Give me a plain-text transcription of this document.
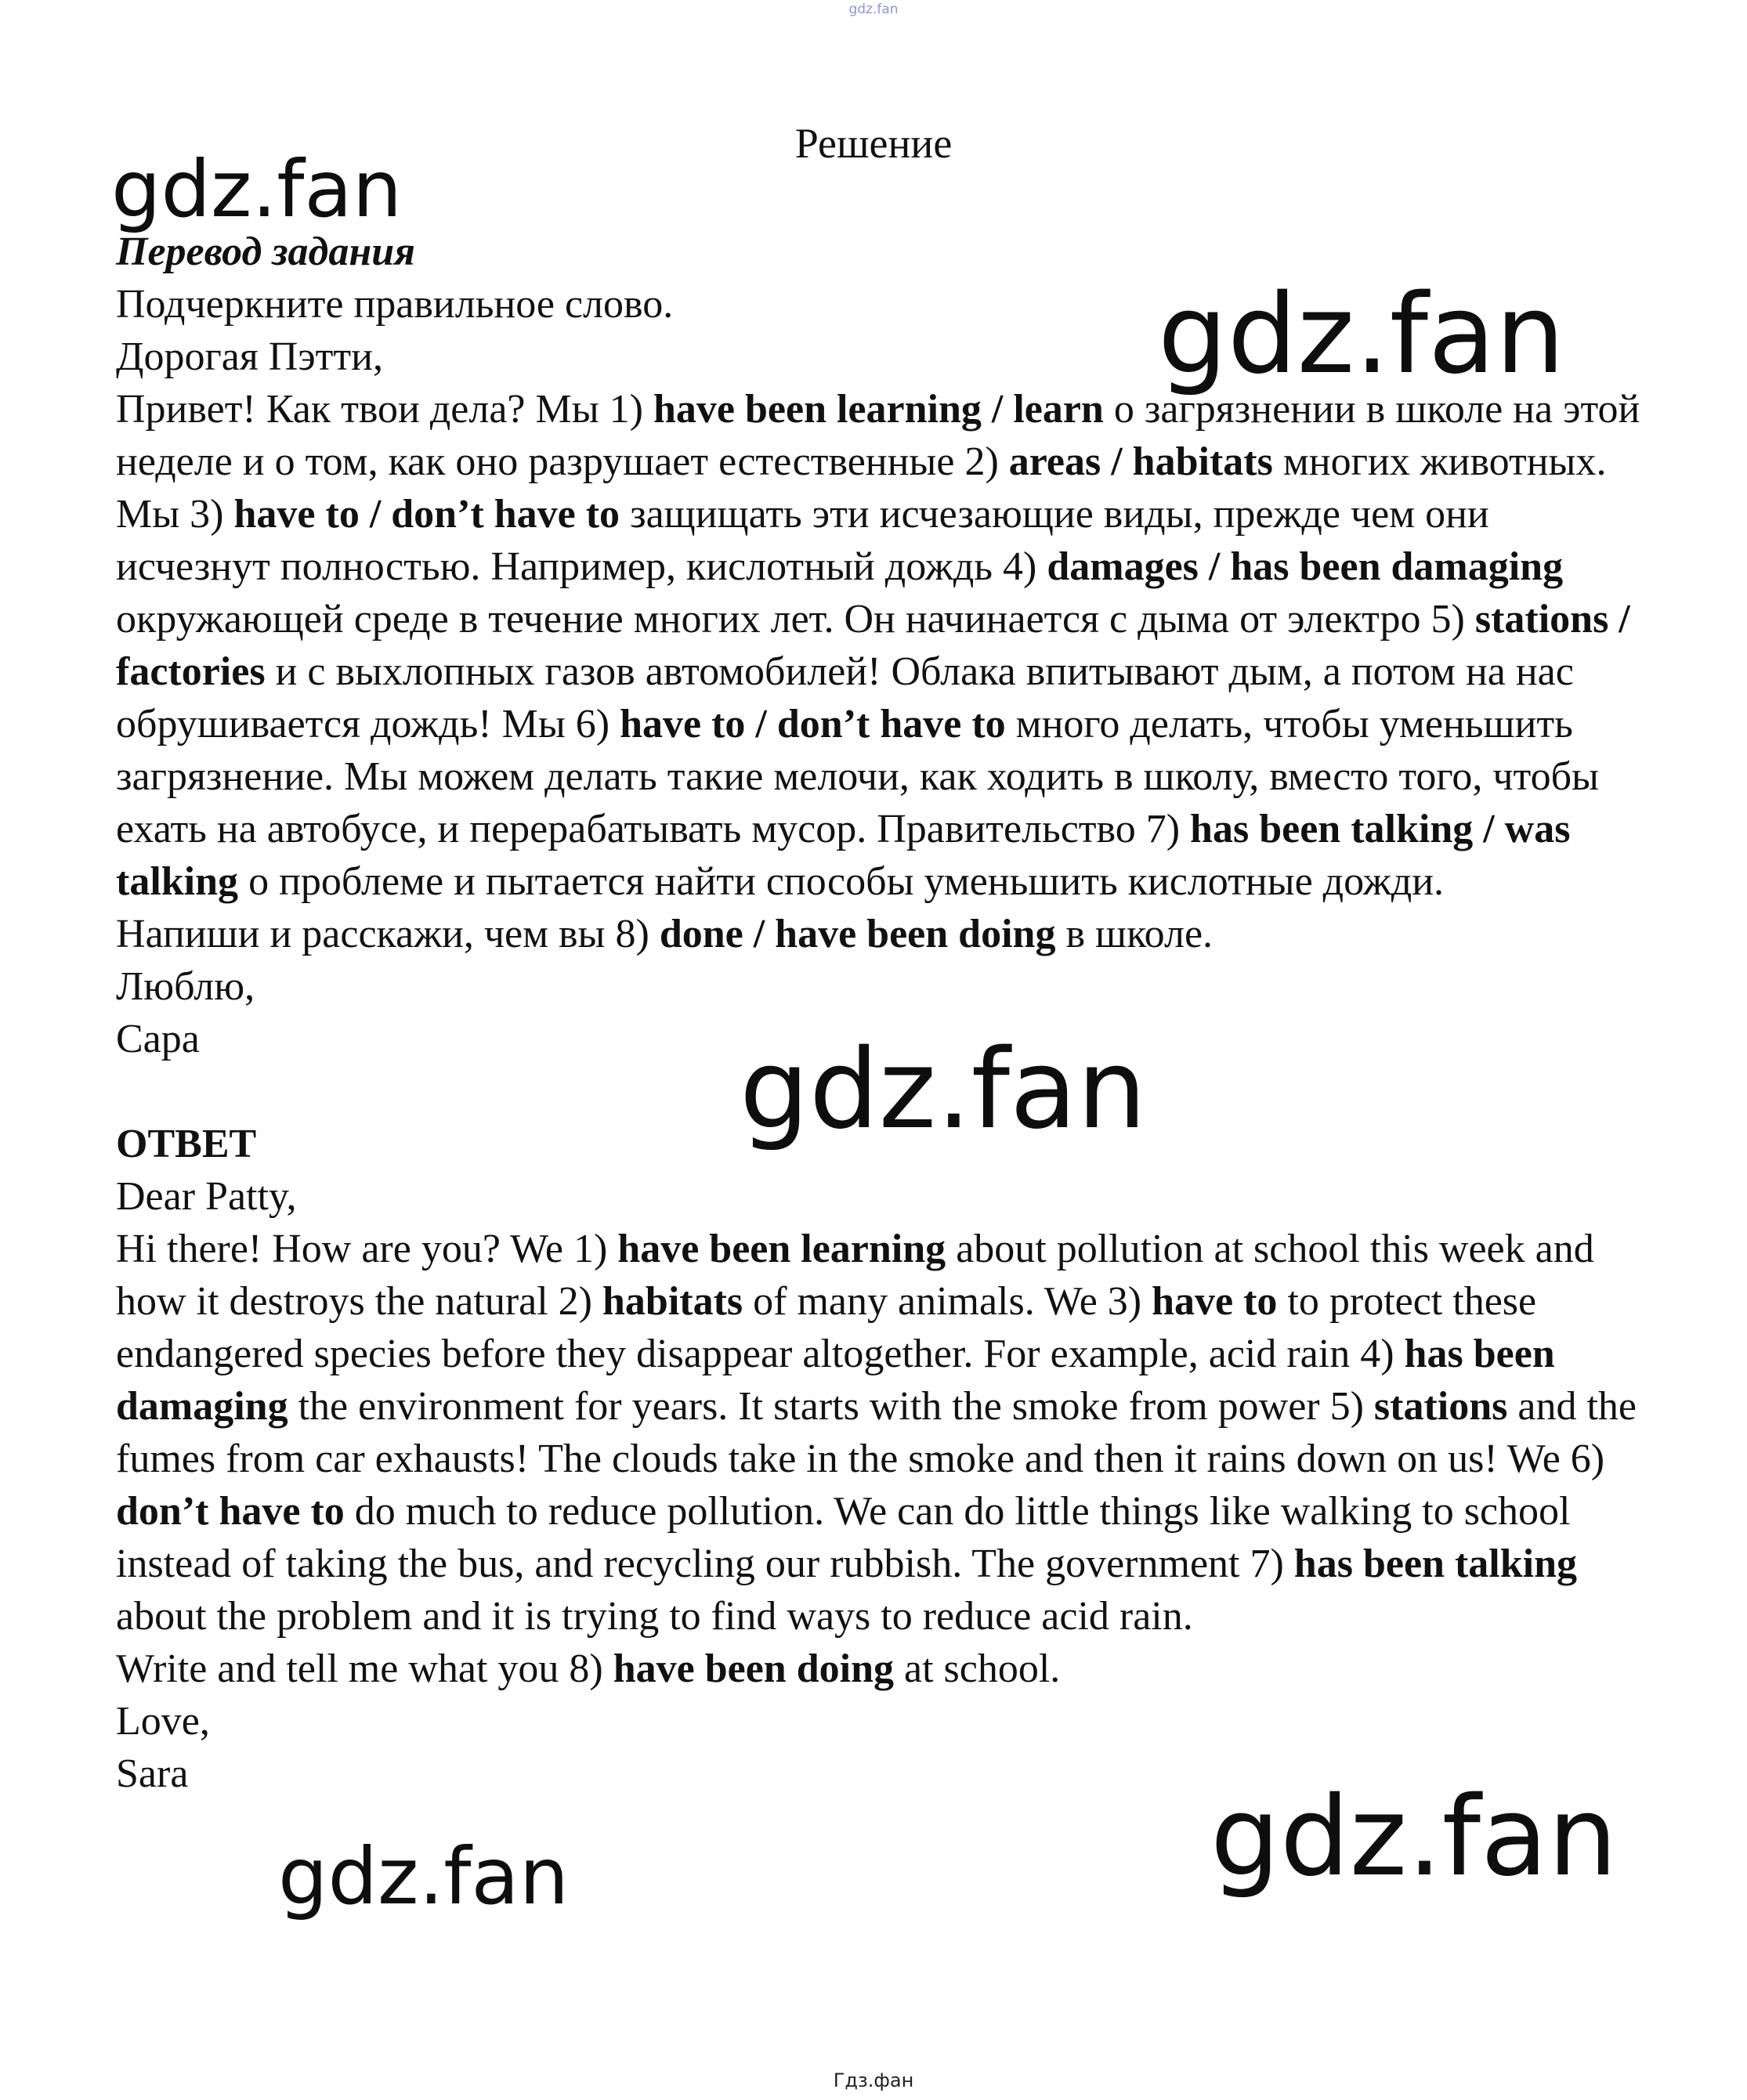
gdz.fan
Решение

Перевод задания

Подчеркните правильное слово.

Дорогая Пэтти,

Привет! Как твои дела? Мы 1) have been learning / learn о загрязнении в школе на этой неделе и о том, как оно разрушает естественные 2) areas / habitats многих животных. Мы 3) have to / don’t have to защищать эти исчезающие виды, прежде чем они исчезнут полностью. Например, кислотный дождь 4) damages / has been damaging окружающей среде в течение многих лет. Он начинается с дыма от электро 5) stations / factories и с выхлопных газов автомобилей! Облака впитывают дым, а потом на нас обрушивается дождь! Мы 6) have to / don’t have to много делать, чтобы уменьшить загрязнение. Мы можем делать такие мелочи, как ходить в школу, вместо того, чтобы ехать на автобусе, и перерабатывать мусор. Правительство 7) has been talking / was talking о проблеме и пытается найти способы уменьшить кислотные дожди.

Напиши и расскажи, чем вы 8) done / have been doing в школе.

Люблю,

Сара

ОТВЕТ

Dear Patty,

Hi there! How are you? We 1) have been learning about pollution at school this week and how it destroys the natural 2) habitats of many animals. We 3) have to to protect these endangered species before they disappear altogether. For example, acid rain 4) has been damaging the environment for years. It starts with the smoke from power 5) stations and the fumes from car exhausts! The clouds take in the smoke and then it rains down on us! We 6) don’t have to do much to reduce pollution. We can do little things like walking to school instead of taking the bus, and recycling our rubbish. The government 7) has been talking about the problem and it is trying to find ways to reduce acid rain.

Write and tell me what you 8) have been doing at school.

Love,

Sara

gdz.fan
gdz.fan
gdz.fan
gdz.fan
gdz.fan
Гдз.фан
